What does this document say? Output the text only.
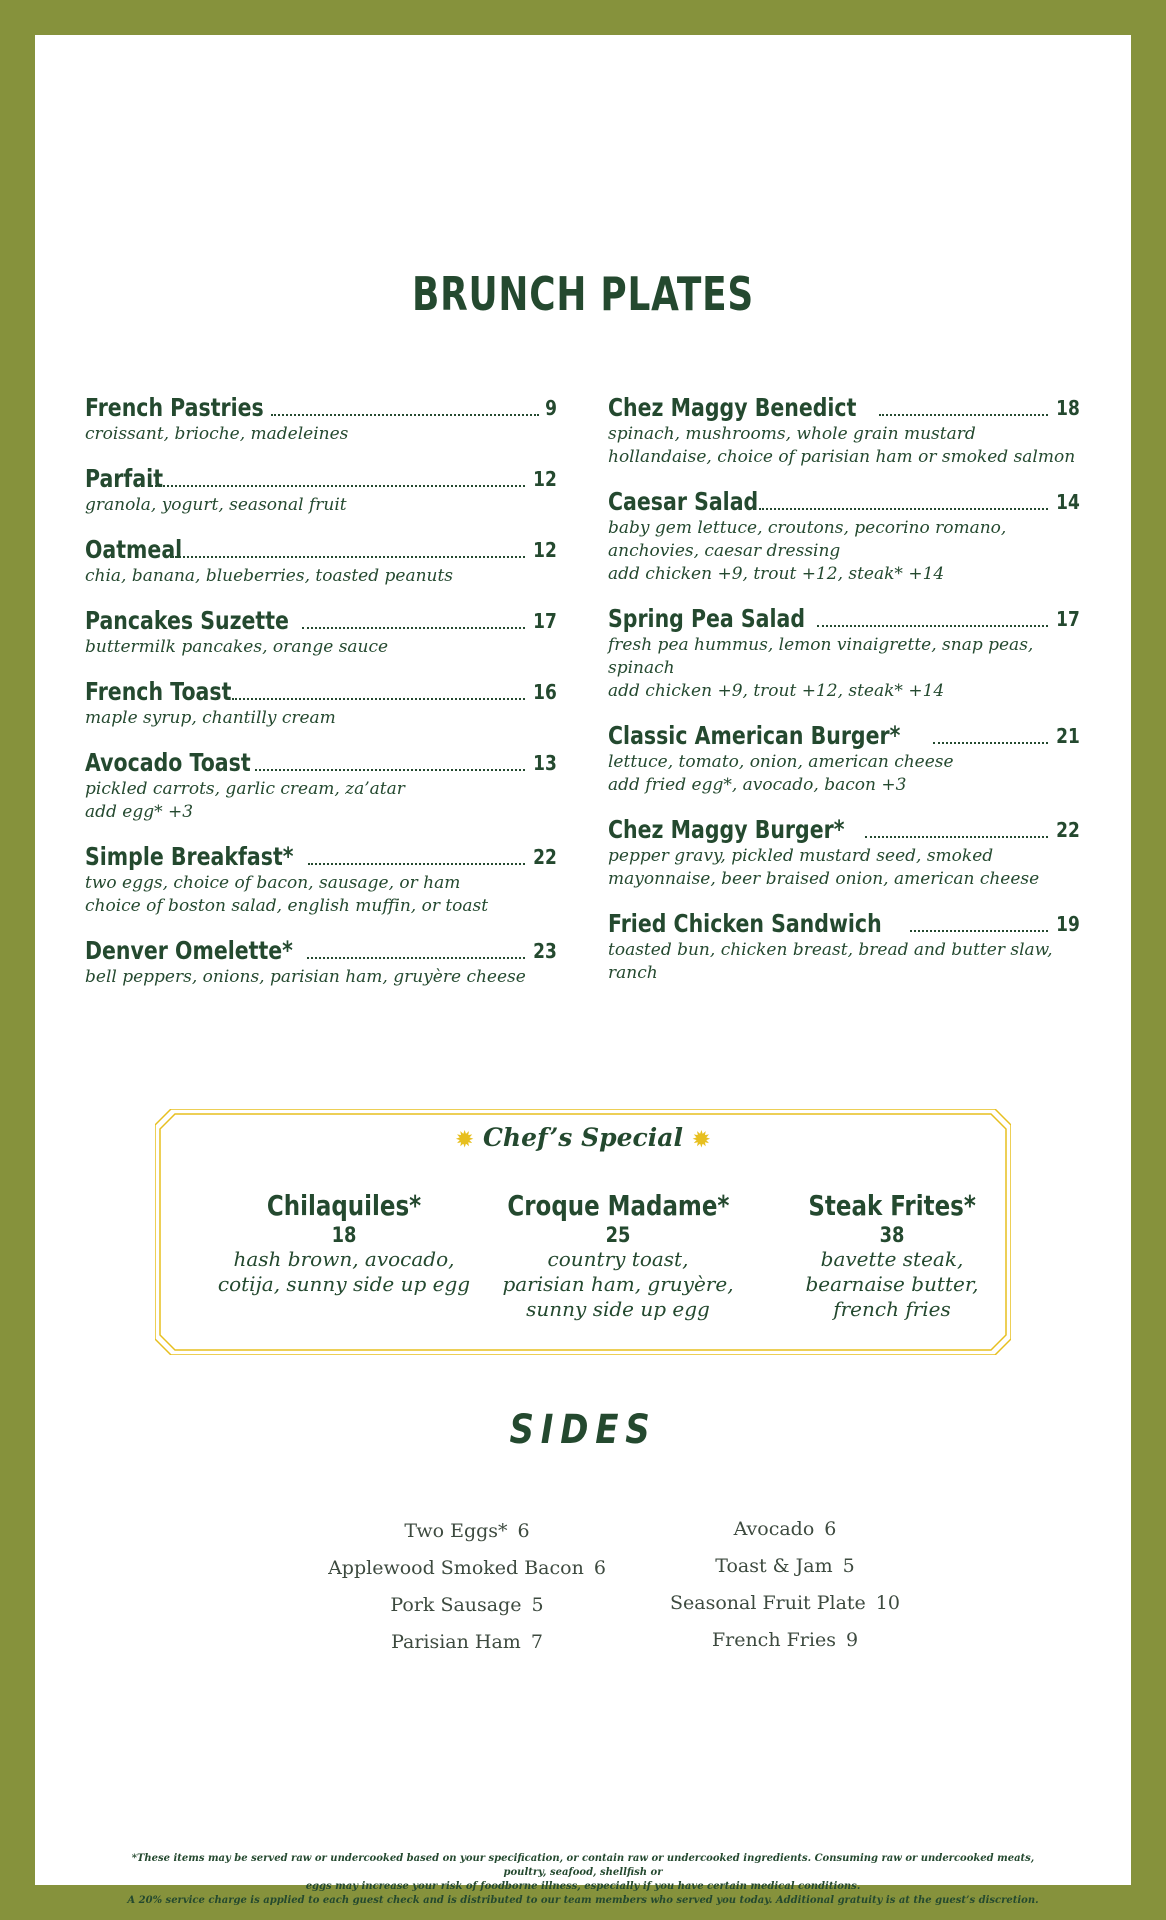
BRUNCH PLATES
French Pastries	9
croissant, brioche, madeleines
Parfait	12
granola, yogurt, seasonal fruit
Oatmeal	12
chia, banana, blueberries, toasted peanuts
Pancakes Suzette	17
buttermilk pancakes, orange sauce
French Toast	16
maple syrup, chantilly cream
Avocado Toast	13
pickled carrots, garlic cream, za’atar
add egg* +3
Simple Breakfast*	22
two eggs, choice of bacon, sausage, or ham
choice of boston salad, english muffin, or toast
Denver Omelette*	23
bell peppers, onions, parisian ham, gruyère cheese
Chez Maggy Benedict	18
spinach, mushrooms, whole grain mustard
hollandaise, choice of parisian ham or smoked salmon
Caesar Salad	14
baby gem lettuce, croutons, pecorino romano,
anchovies, caesar dressing
add chicken +9, trout +12, steak* +14
Spring Pea Salad	17
fresh pea hummus, lemon vinaigrette, snap peas,
spinach
add chicken +9, trout +12, steak* +14
Classic American Burger*	21
lettuce, tomato, onion, american cheese
add fried egg*, avocado, bacon +3
Chez Maggy Burger*	22
pepper gravy, pickled mustard seed, smoked
mayonnaise, beer braised onion, american cheese
Fried Chicken Sandwich	19
toasted bun, chicken breast, bread and butter slaw,
ranch
✹ Chef’s Special ✹
Chilaquiles*
18
hash brown, avocado,
cotija, sunny side up egg
Croque Madame*
25
country toast,
parisian ham, gruyère,
sunny side up egg
Steak Frites*
38
bavette steak,
bearnaise butter,
french fries
SIDES
Two Eggs* 6
Applewood Smoked Bacon 6
Pork Sausage 5
Parisian Ham 7
Avocado 6
Toast & Jam 5
Seasonal Fruit Plate 10
French Fries 9
*These items may be served raw or undercooked based on your specification, or contain raw or undercooked ingredients. Consuming raw or undercooked meats, poultry, seafood, shellfish or
eggs may increase your risk of foodborne illness, especially if you have certain medical conditions.
A 20% service charge is applied to each guest check and is distributed to our team members who served you today. Additional gratuity is at the guest’s discretion.
